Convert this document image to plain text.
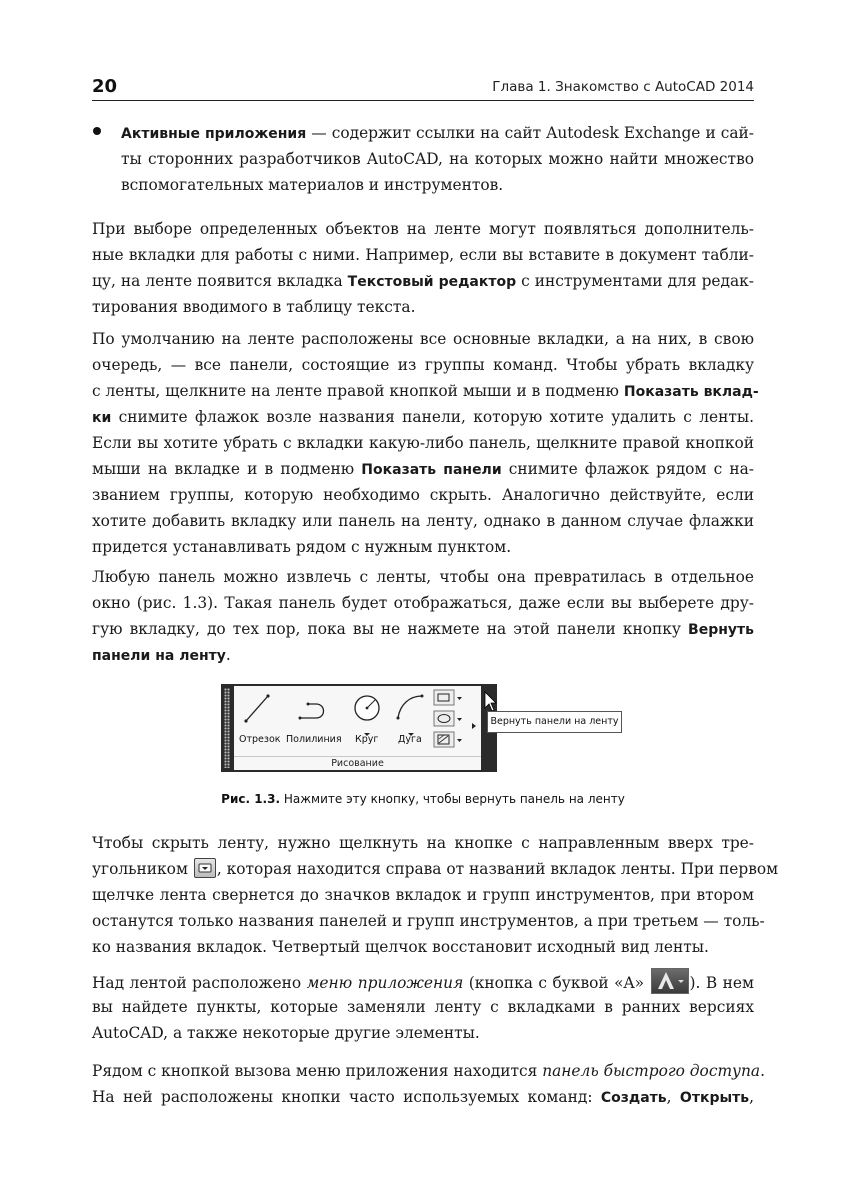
20	Глава 1. Знакомство с AutoCAD 2014
Активные приложения — содержит ссылки на сайт Autodesk Exchange и сай-
ты сторонних разработчиков AutoCAD, на которых можно найти множество
вспомогательных материалов и инструментов.
При выборе определенных объектов на ленте могут появляться дополнитель-
ные вкладки для работы с ними. Например, если вы вставите в документ табли-
цу, на ленте появится вкладка Текстовый редактор с инструментами для редак-
тирования вводимого в таблицу текста.
По умолчанию на ленте расположены все основные вкладки, а на них, в свою
очередь, — все панели, состоящие из группы команд. Чтобы убрать вкладку
с ленты, щелкните на ленте правой кнопкой мыши и в подменю Показать вклад-
ки снимите флажок возле названия панели, которую хотите удалить с ленты.
Если вы хотите убрать с вкладки какую-либо панель, щелкните правой кнопкой
мыши на вкладке и в подменю Показать панели снимите флажок рядом с на-
званием группы, которую необходимо скрыть. Аналогично действуйте, если
хотите добавить вкладку или панель на ленту, однако в данном случае флажки
придется устанавливать рядом с нужным пунктом.
Любую панель можно извлечь с ленты, чтобы она превратилась в отдельное
окно (рис. 1.3). Такая панель будет отображаться, даже если вы выберете дру-
гую вкладку, до тех пор, пока вы не нажмете на этой панели кнопку Вернуть
панели на ленту.
Отрезок Полилиния Круг Дуга
Рисование
Вернуть панели на ленту
Рис. 1.3. Нажмите эту кнопку, чтобы вернуть панель на ленту
Чтобы скрыть ленту, нужно щелкнуть на кнопке с направленным вверх тре-
угольником
, которая находится справа от названий вкладок ленты. При первом
щелчке лента свернется до значков вкладок и групп инструментов, при втором
останутся только названия панелей и групп инструментов, а при третьем — толь-
ко названия вкладок. Четвертый щелчок восстановит исходный вид ленты.
Над лентой расположено меню приложения (кнопка с буквой «A»	). В нем
вы найдете пункты, которые заменяли ленту с вкладками в ранних версиях
AutoCAD, а также некоторые другие элементы.
Рядом с кнопкой вызова меню приложения находится панель быстрого доступа.
На ней расположены кнопки часто используемых команд: Создать, Открыть,
